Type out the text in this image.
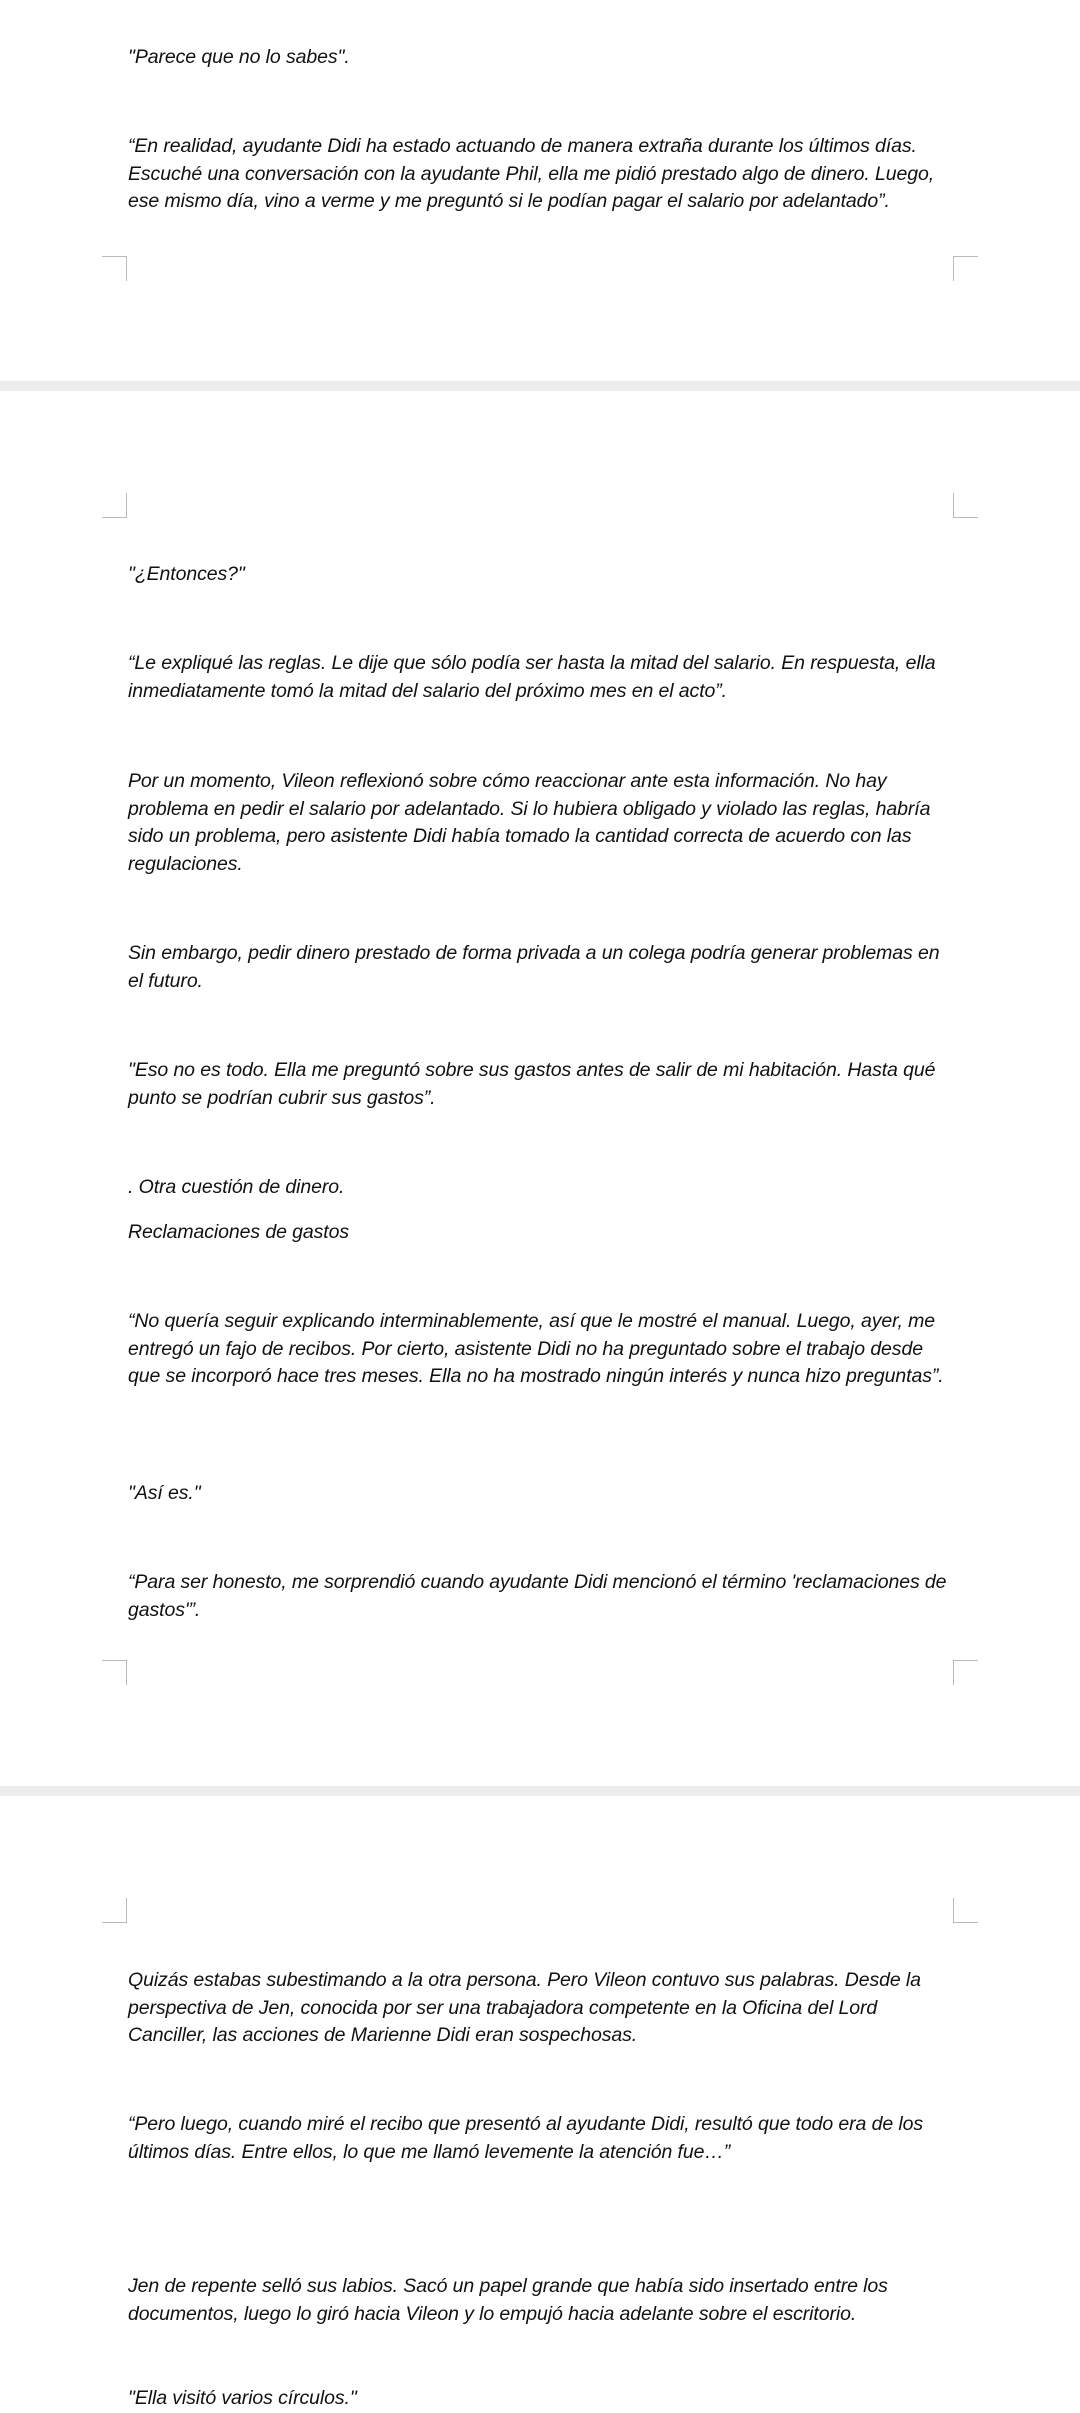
"Parece que no lo sabes".

“En realidad, ayudante Didi ha estado actuando de manera extraña durante los últimos días. Escuché una conversación con la ayudante Phil, ella me pidió prestado algo de dinero. Luego, ese mismo día, vino a verme y me preguntó si le podían pagar el salario por adelantado”.

"¿Entonces?"

“Le expliqué las reglas. Le dije que sólo podía ser hasta la mitad del salario. En respuesta, ella inmediatamente tomó la mitad del salario del próximo mes en el acto”.

Por un momento, Vileon reflexionó sobre cómo reaccionar ante esta información. No hay problema en pedir el salario por adelantado. Si lo hubiera obligado y violado las reglas, habría sido un problema, pero asistente Didi había tomado la cantidad correcta de acuerdo con las regulaciones.

Sin embargo, pedir dinero prestado de forma privada a un colega podría generar problemas en el futuro.

"Eso no es todo. Ella me preguntó sobre sus gastos antes de salir de mi habitación. Hasta qué punto se podrían cubrir sus gastos”.

. Otra cuestión de dinero.

Reclamaciones de gastos

“No quería seguir explicando interminablemente, así que le mostré el manual. Luego, ayer, me entregó un fajo de recibos. Por cierto, asistente Didi no ha preguntado sobre el trabajo desde que se incorporó hace tres meses. Ella no ha mostrado ningún interés y nunca hizo preguntas”.

"Así es."

“Para ser honesto, me sorprendió cuando ayudante Didi mencionó el término 'reclamaciones de gastos'”.

Quizás estabas subestimando a la otra persona. Pero Vileon contuvo sus palabras. Desde la perspectiva de Jen, conocida por ser una trabajadora competente en la Oficina del Lord Canciller, las acciones de Marienne Didi eran sospechosas.

“Pero luego, cuando miré el recibo que presentó al ayudante Didi, resultó que todo era de los últimos días. Entre ellos, lo que me llamó levemente la atención fue…”

Jen de repente selló sus labios. Sacó un papel grande que había sido insertado entre los documentos, luego lo giró hacia Vileon y lo empujó hacia adelante sobre el escritorio.

"Ella visitó varios círculos."
